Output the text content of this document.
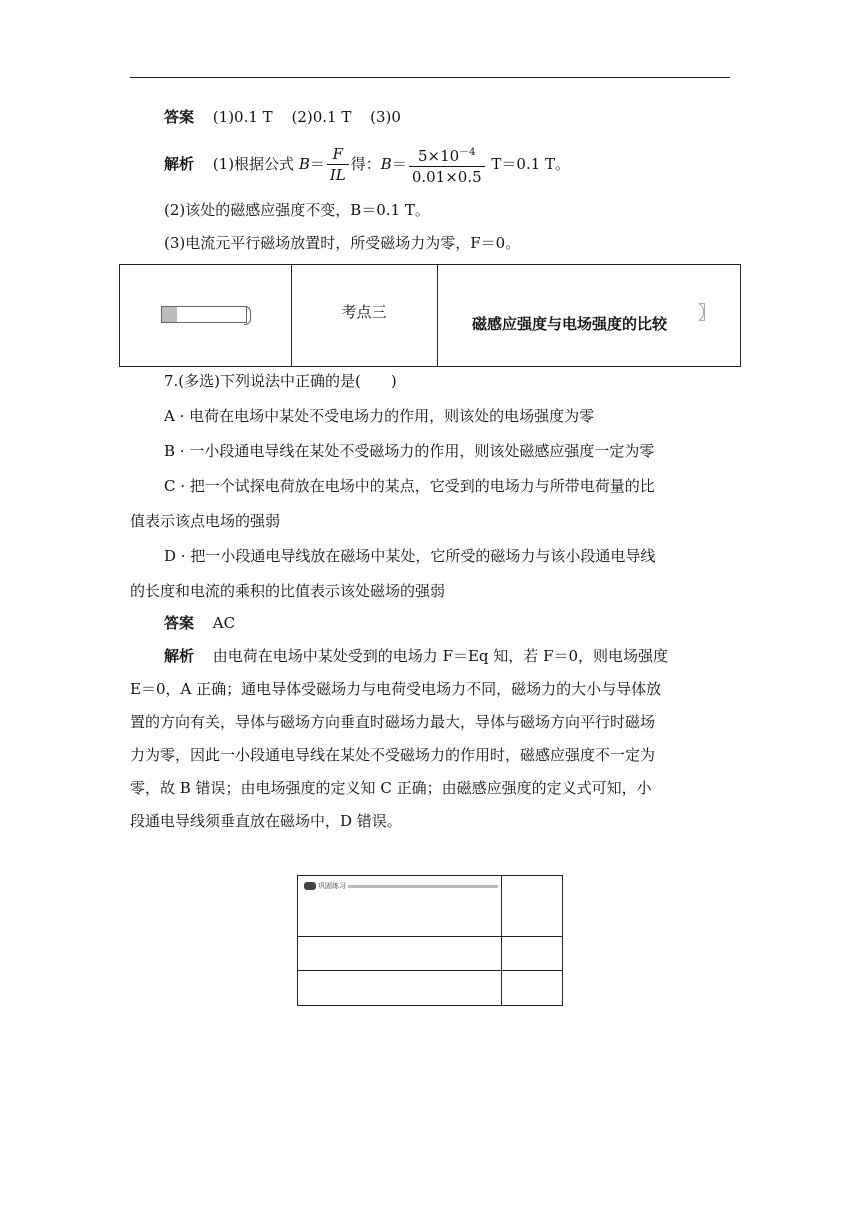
答案 (1)0.1 T (2)0.1 T (3)0
解析 (1)根据公式 $B= \frac{F}{IL}$ 得：$B= \frac{5\times 10^{-4}}{0.01\times 0.5} T=0.1$ T。
(2)该处的磁感应强度不变，B＝0.1 T。
(3)电流元平行磁场放置时，所受磁场力为零，F＝0。
考点三
磁感应强度与电场强度的比较 〗
7.(多选)下列说法中正确的是(　　)
A · 电荷在电场中某处不受电场力的作用，则该处的电场强度为零
B · 一小段通电导线在某处不受磁场力的作用，则该处磁感应强度一定为零
C · 把一个试探电荷放在电场中的某点，它受到的电场力与所带电荷量的比
值表示该点电场的强弱
D · 把一小段通电导线放在磁场中某处，它所受的磁场力与该小段通电导线
的长度和电流的乘积的比值表示该处磁场的强弱
答案 AC
解析 由电荷在电场中某处受到的电场力 F＝Eq 知，若 F＝0，则电场强度
E＝0，A 正确；通电导体受磁场力与电荷受电场力不同，磁场力的大小与导体放
置的方向有关，导体与磁场方向垂直时磁场力最大，导体与磁场方向平行时磁场
力为零，因此一小段通电导线在某处不受磁场力的作用时，磁感应强度不一定为
零，故 B 错误；由电场强度的定义知 C 正确；由磁感应强度的定义式可知，小
段通电导线须垂直放在磁场中，D 错误。
巩固练习
